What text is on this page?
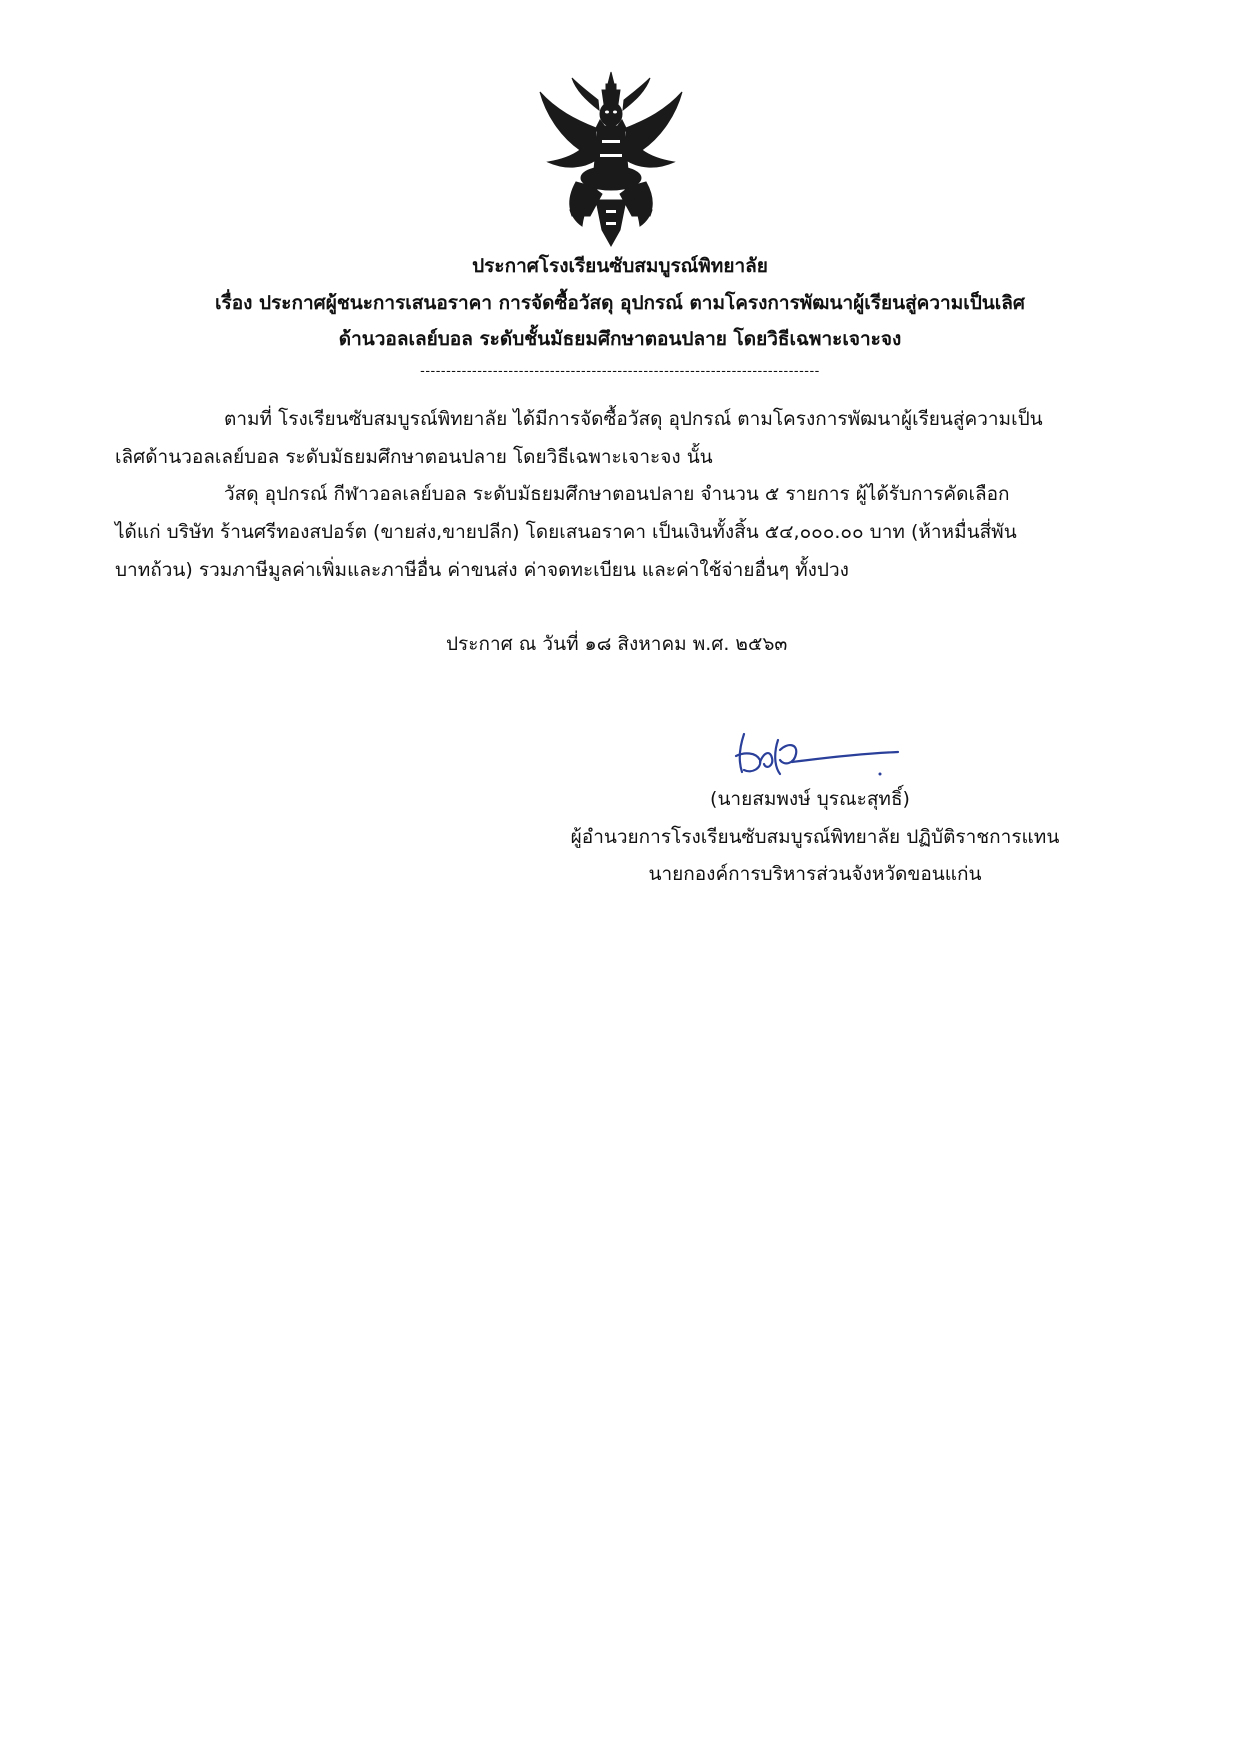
ประกาศโรงเรียนซับสมบูรณ์พิทยาลัย
เรื่อง ประกาศผู้ชนะการเสนอราคา การจัดซื้อวัสดุ อุปกรณ์ ตามโครงการพัฒนาผู้เรียนสู่ความเป็นเลิศ
ด้านวอลเลย์บอล ระดับชั้นมัธยมศึกษาตอนปลาย โดยวิธีเฉพาะเจาะจง
-----------------------------------------------------------------------------
ตามที่ โรงเรียนซับสมบูรณ์พิทยาลัย ได้มีการจัดซื้อวัสดุ อุปกรณ์ ตามโครงการพัฒนาผู้เรียนสู่ความเป็น
เลิศด้านวอลเลย์บอล ระดับมัธยมศึกษาตอนปลาย โดยวิธีเฉพาะเจาะจง นั้น
วัสดุ อุปกรณ์ กีฬาวอลเลย์บอล ระดับมัธยมศึกษาตอนปลาย จำนวน ๕ รายการ ผู้ได้รับการคัดเลือก
ได้แก่ บริษัท ร้านศรีทองสปอร์ต (ขายส่ง,ขายปลีก) โดยเสนอราคา เป็นเงินทั้งสิ้น ๕๔,๐๐๐.๐๐ บาท (ห้าหมื่นสี่พัน
บาทถ้วน) รวมภาษีมูลค่าเพิ่มและภาษีอื่น ค่าขนส่ง ค่าจดทะเบียน และค่าใช้จ่ายอื่นๆ ทั้งปวง
ประกาศ ณ วันที่ ๑๘ สิงหาคม พ.ศ. ๒๕๖๓
(นายสมพงษ์ บุรณะสุทธิ์)
ผู้อำนวยการโรงเรียนซับสมบูรณ์พิทยาลัย ปฏิบัติราชการแทน
นายกองค์การบริหารส่วนจังหวัดขอนแก่น
